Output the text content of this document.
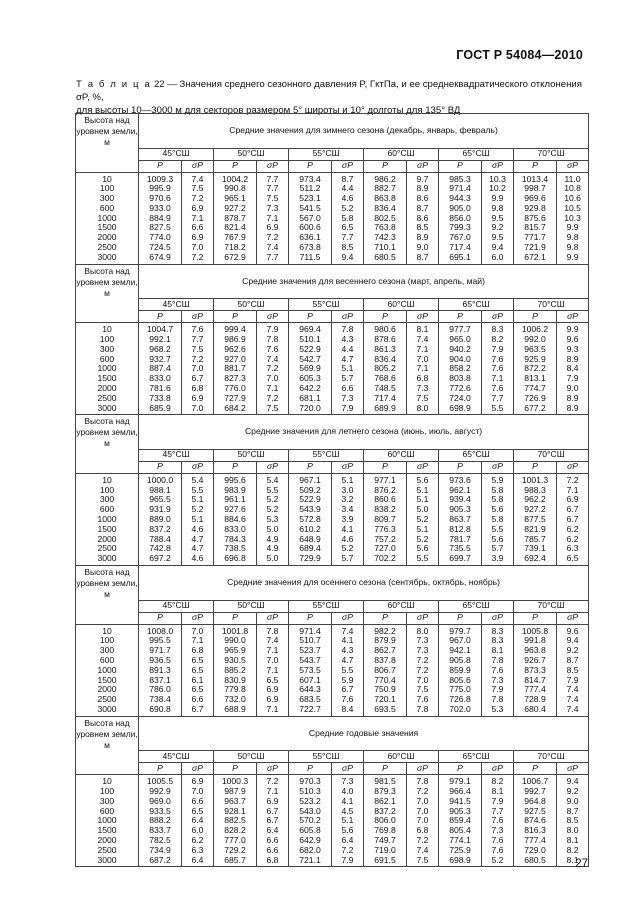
ГОСТ Р 54084—2010
Т а б л и ц а 22 — Значения среднего сезонного давления P, ГктПа, и ее среднеквадратического отклонения σP, %,
для высоты 10—3000 м для секторов размером 5° широты и 10° долготы для 135° ВД
Высота над уровнем земли, м	Средние значения для зимнего сезона (декабрь, январь, февраль)											
	45°СШ		50°СШ		55°СШ		60°СШ		65°СШ		70°СШ	
	P	σP	P	σP	P	σP	P	σP	P	σP	P	σP
10	1009.3	7.4	1004.2	7.7	973.4	8.7	986.2	9.7	985.3	10.3	1013.4	11.0
100	995.9	7.5	990.8	7.7	511.2	4.4	882.7	8.9	971.4	10.2	998.7	10.8
300	970.6	7.2	965.1	7.5	523.1	4.6	863.8	8.6	944.3	9.9	969.6	10.6
600	933.0	6.9	927.2	7.3	541.5	5.2	836.4	8.7	905.0	9.8	929.8	10.5
1000	884.9	7.1	878.7	7.1	567.0	5.8	802.5	8.6	856.0	9.5	875.6	10.3
1500	827.5	6.6	821.4	6.9	600.6	6.5	763.8	8.5	799.3	9.2	815.7	9.9
2000	774.0	6.9	767.9	7.2	636.1	7.7	742.3	8.9	767.0	9.5	771.7	9.8
2500	724.5	7.0	718.2	7.4	673.8	8.5	710.1	9.0	717.4	9.4	721.9	9.8
3000	674.9	7.2	672.9	7.7	711.5	9.4	680.5	8.7	695.1	6.0	672.1	9.9
Высота над уровнем земли, м	Средние значения для весеннего сезона (март, апрель, май)											
	45°СШ		50°СШ		55°СШ		60°СШ		65°СШ		70°СШ	
	P	σP	P	σP	P	σP	P	σP	P	σP	P	σP
10	1004.7	7.6	999.4	7.9	969.4	7.8	980.6	8.1	977.7	8.3	1006.2	9.9
100	992.1	7.7	986.9	7.8	510.1	4.3	878.6	7.4	965.0	8.2	992.0	9.6
300	968.2	7.5	962.6	7.6	522.9	4.4	861.3	7.1	940.2	7.9	963.5	9.3
600	932.7	7.2	927.0	7.4	542.7	4.7	836.4	7.0	904.0	7.6	925.9	8.9
1000	887.4	7.0	881.7	7.2	569.9	5.1	805.2	7.1	858.2	7.6	872.2	8.4
1500	833.0	6.7	827.3	7.0	605.3	5.7	768.6	6.8	803.8	7.1	813.1	7.9
2000	781.6	6.8	776.0	7.1	642.2	6.6	748.5	7.3	772.6	7.6	774.7	9.0
2500	733.8	6.9	727.9	7.2	681.1	7.3	717.4	7.5	724.0	7.7	726.9	8.9
3000	685.9	7.0	684.2	7.5	720.0	7.9	689.9	8.0	698.9	5.5	677.2	8.9
Высота над уровнем земли, м	Средние значения для летнего сезона (июнь, июль, август)											
	45°СШ		50°СШ		55°СШ		60°СШ		65°СШ		70°СШ	
	P	σP	P	σP	P	σP	P	σP	P	σP	P	σP
10	1000.0	5.4	995.6	5.4	967.1	5.1	977.1	5.6	973.6	5.9	1001.3	7.2
100	988.1	5.5	983.9	5.5	509.2	3.0	876.2	5.1	962.1	5.8	988.3	7.1
300	965.5	5.1	961.1	5.2	522.9	3.2	860.6	5.1	939.4	5.8	962.2	6.9
600	931.9	5.2	927.6	5.2	543.9	3.4	838.2	5.0	905.3	5.6	927.2	6.7
1000	889.0	5.1	884.6	5.3	572.8	3.9	809.7	5.2	863.7	5.8	877.5	6.7
1500	837.2	4.6	833.0	5.0	610.2	4.1	776.3	5.1	812.8	5.5	821.9	6.2
2000	788.4	4.7	784.3	4.9	648.9	4.6	757.2	5.2	781.7	5.6	785.7	6.2
2500	742.8	4.7	738.5	4.9	689.4	5.2	727.0	5.6	735.5	5.7	739.1	6.3
3000	697.2	4.6	696.8	5.0	729.9	5.7	702.2	5.5	699.7	3.9	692.4	6.5
Высота над уровнем земли, м	Средние значения для осеннего сезона (сентябрь, октябрь, ноябрь)											
	45°СШ		50°СШ		55°СШ		60°СШ		65°СШ		70°СШ	
	P	σP	P	σP	P	σP	P	σP	P	σP	P	σP
10	1008.0	7.0	1001.8	7.8	971.4	7.4	982.2	8.0	979.7	8.3	1005.8	9.6
100	995.5	7.1	990.0	7.4	510.7	4.1	879.9	7.3	967.0	8.3	991.8	9.4
300	971.7	6.8	965.9	7.1	523.7	4.3	862.7	7.3	942.1	8.1	963.8	9.2
600	936.5	6.5	930.5	7.0	543.7	4.7	837.8	7.2	905.8	7.8	926.7	8.7
1000	891.3	6.5	885.2	7.1	573.5	5.5	806.7	7.2	859.9	7.6	873.3	8.5
1500	837.1	6.1	830.9	6.5	607.1	5.9	770.4	7.0	805.6	7.3	814.7	7.9
2000	786.0	6.5	779.8	6.9	644.3	6.7	750.9	7.5	775.0	7.9	777.4	7.4
2500	738.4	6.6	732.0	6.9	683.5	7.6	720.1	7.6	726.8	7.8	728.9	7.4
3000	690.8	6.7	688.9	7.1	722.7	8.4	693.5	7.8	702.0	5.3	680.4	7.4
Высота над уровнем земли, м	Средние годовые значения											
	45°СШ		50°СШ		55°СШ		60°СШ		65°СШ		70°СШ	
	P	σP	P	σP	P	σP	P	σP	P	σP	P	σP
10	1005.5	6.9	1000.3	7.2	970.3	7.3	981.5	7.8	979.1	8.2	1006.7	9.4
100	992.9	7.0	987.9	7.1	510.3	4.0	879.3	7.2	966.4	8.1	992.7	9.2
300	969.0	6.6	963.7	6.9	523.2	4.1	862.1	7.0	941.5	7.9	964.8	9.0
600	933.5	6.5	928.1	6.7	543.0	4.5	837.2	7.0	905.3	7.7	927.5	8.7
1000	888.2	6.4	882.5	6.7	570.2	5.1	806.0	7.0	859.4	7.6	874.6	8.5
1500	833.7	6.0	828.2	6.4	605.8	5.6	769.8	6.8	805.4	7.3	816.3	8.0
2000	782.5	6.2	777.0	6.6	642.9	6.4	749.7	7.2	774.1	7.6	777.4	8.1
2500	734.9	6.3	729.2	6.6	682.0	7.2	719.0	7.4	725.9	7.6	729.0	8.2
3000	687.2	6.4	685.7	6.8	721.1	7.9	691.5	7.5	698.9	5.2	680.5	8.1
27
